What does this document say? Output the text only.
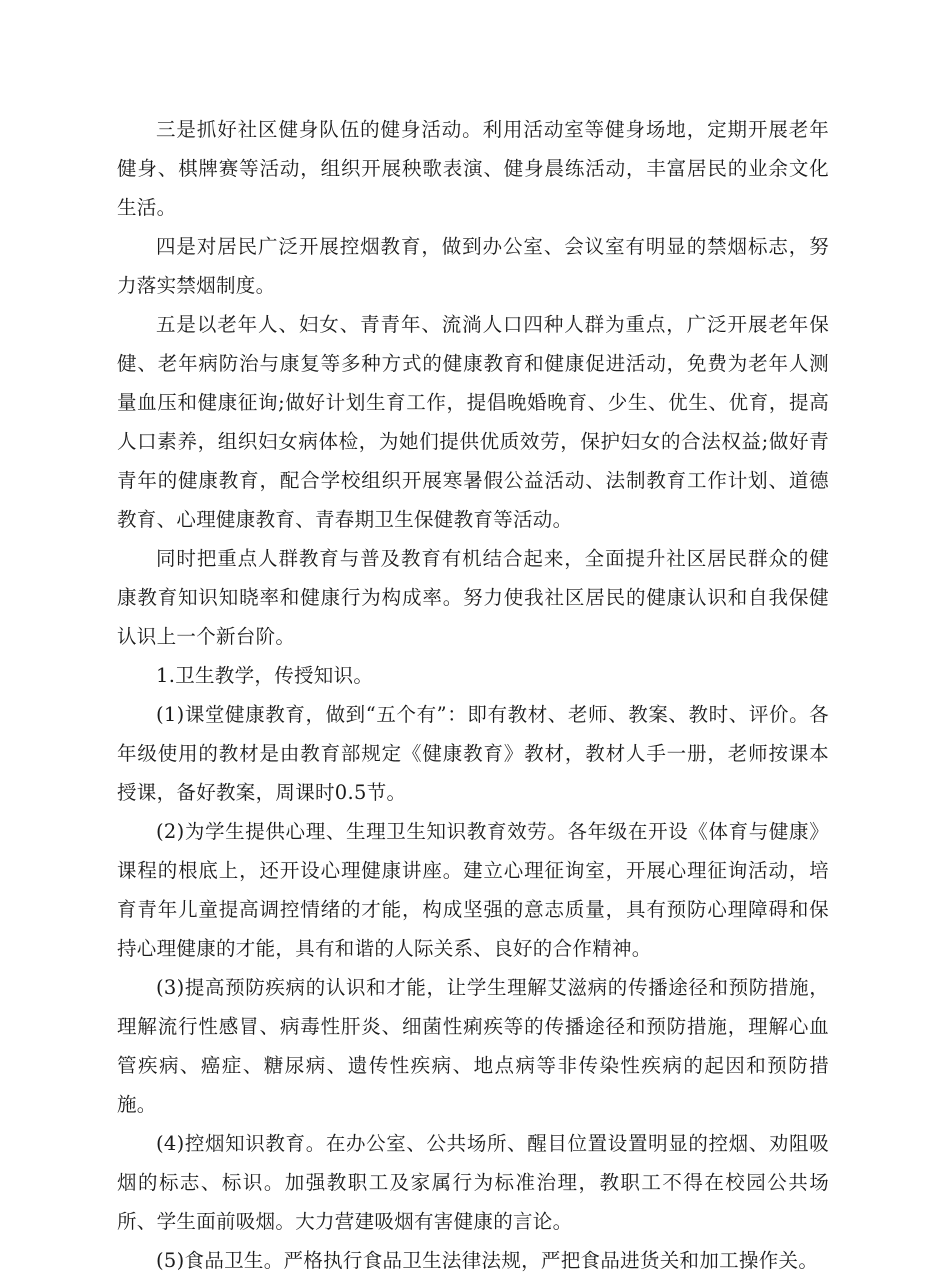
三是抓好社区健身队伍的健身活动。利用活动室等健身场地，定期开展老年健身、棋牌赛等活动，组织开展秧歌表演、健身晨练活动，丰富居民的业余文化生活。

四是对居民广泛开展控烟教育，做到办公室、会议室有明显的禁烟标志，努力落实禁烟制度。

五是以老年人、妇女、青青年、流淌人口四种人群为重点，广泛开展老年保健、老年病防治与康复等多种方式的健康教育和健康促进活动，免费为老年人测量血压和健康征询;做好计划生育工作，提倡晚婚晚育、少生、优生、优育，提高人口素养，组织妇女病体检，为她们提供优质效劳，保护妇女的合法权益;做好青青年的健康教育，配合学校组织开展寒暑假公益活动、法制教育工作计划、道德教育、心理健康教育、青春期卫生保健教育等活动。

同时把重点人群教育与普及教育有机结合起来，全面提升社区居民群众的健康教育知识知晓率和健康行为构成率。努力使我社区居民的健康认识和自我保健认识上一个新台阶。

1.卫生教学，传授知识。

(1)课堂健康教育，做到“五个有”：即有教材、老师、教案、教时、评价。各年级使用的教材是由教育部规定《健康教育》教材，教材人手一册，老师按课本授课，备好教案，周课时0.5节。

(2)为学生提供心理、生理卫生知识教育效劳。各年级在开设《体育与健康》课程的根底上，还开设心理健康讲座。建立心理征询室，开展心理征询活动，培育青年儿童提高调控情绪的才能，构成坚强的意志质量，具有预防心理障碍和保持心理健康的才能，具有和谐的人际关系、良好的合作精神。

(3)提高预防疾病的认识和才能，让学生理解艾滋病的传播途径和预防措施，理解流行性感冒、病毒性肝炎、细菌性痢疾等的传播途径和预防措施，理解心血管疾病、癌症、糖尿病、遗传性疾病、地点病等非传染性疾病的起因和预防措施。

(4)控烟知识教育。在办公室、公共场所、醒目位置设置明显的控烟、劝阻吸烟的标志、标识。加强教职工及家属行为标准治理，教职工不得在校园公共场所、学生面前吸烟。大力营建吸烟有害健康的言论。

(5)食品卫生。严格执行食品卫生法律法规，严把食品进货关和加工操作关。
